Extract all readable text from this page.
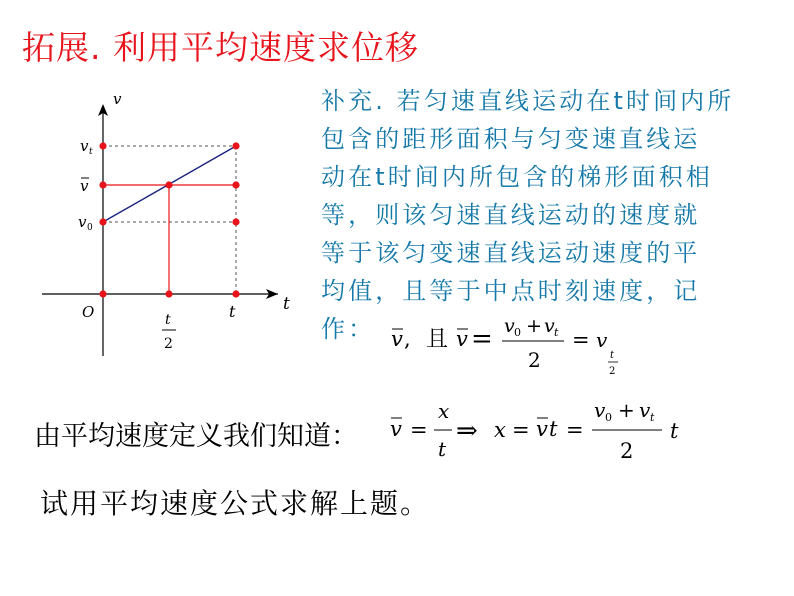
拓展. 利用平均速度求位移
v
t
O
v t
v
v 0
t
t
2
补充. 若匀速直线运动在t时间内所
包含的距形面积与匀变速直线运
动在t时间内所包含的梯形面积相
等，则该匀速直线运动的速度就
等于该匀变速直线运动速度的平
均值，且等于中点时刻速度，记
作： v , 且 v = v 0 + v t
2
= v
t
2
由平均速度定义我们知道： v =
x
t
⇒ x = v t =
v 0 + v t
2
t
试用平均速度公式求解上题。
